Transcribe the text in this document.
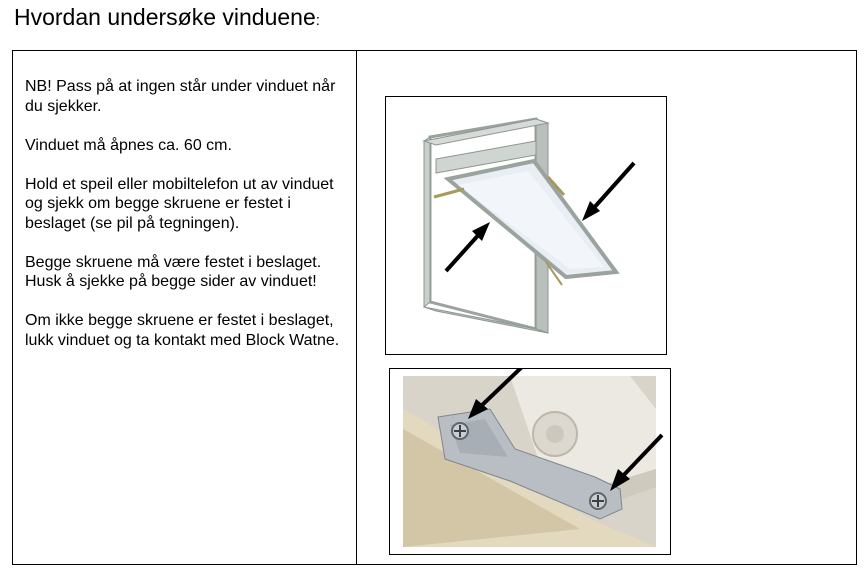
Hvordan undersøke vinduene:

NB! Pass på at ingen står under vinduet når du sjekker.

Vinduet må åpnes ca. 60 cm.

Hold et speil eller mobiltelefon ut av vinduet og sjekk om begge skruene er festet i beslaget (se pil på tegningen).

Begge skruene må være festet i beslaget. Husk å sjekke på begge sider av vinduet!

Om ikke begge skruene er festet i beslaget, lukk vinduet og ta kontakt med Block Watne.
